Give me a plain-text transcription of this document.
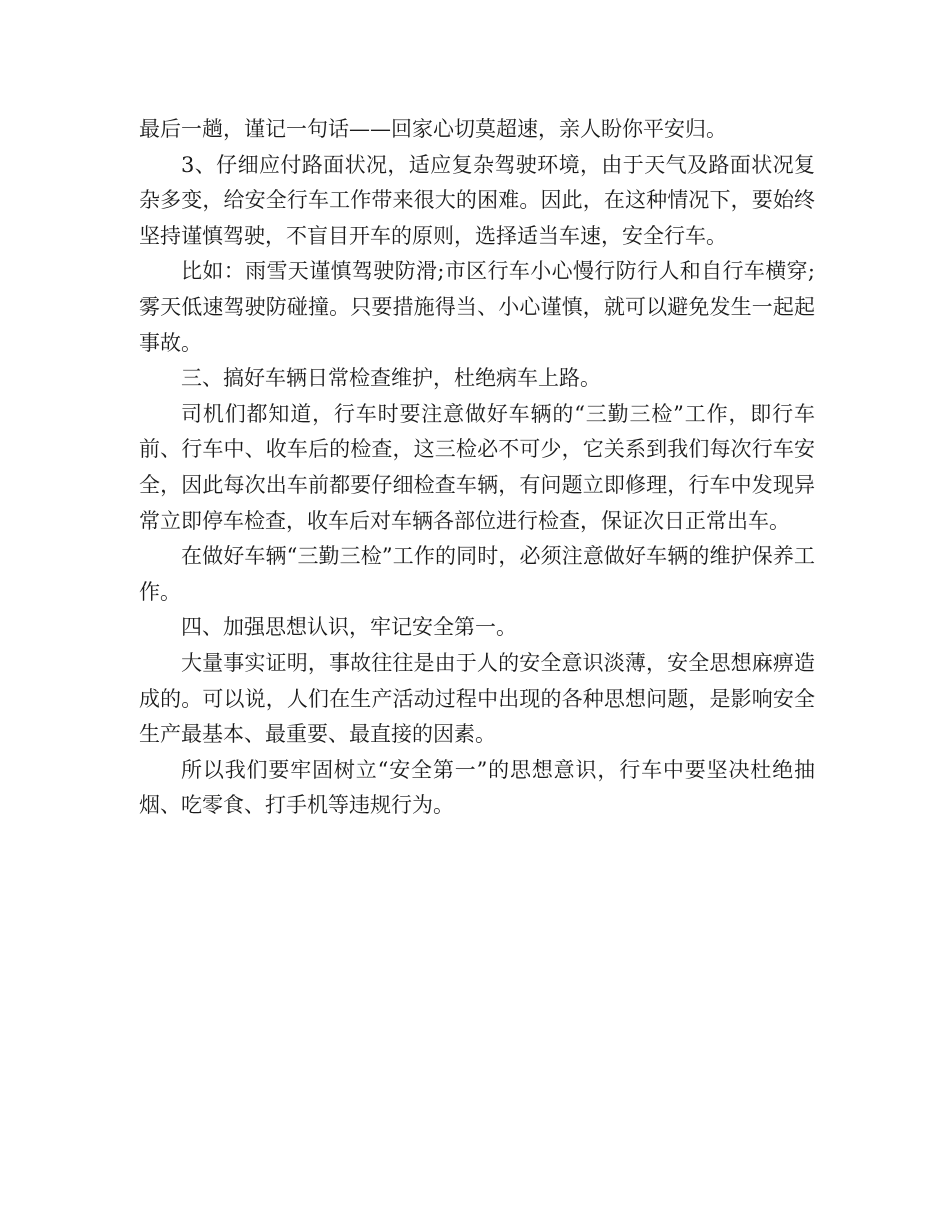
最后一趟，谨记一句话——回家心切莫超速，亲人盼你平安归。

3、仔细应付路面状况，适应复杂驾驶环境，由于天气及路面状况复杂多变，给安全行车工作带来很大的困难。因此，在这种情况下，要始终坚持谨慎驾驶，不盲目开车的原则，选择适当车速，安全行车。

比如：雨雪天谨慎驾驶防滑;市区行车小心慢行防行人和自行车横穿;雾天低速驾驶防碰撞。只要措施得当、小心谨慎，就可以避免发生一起起事故。

三、搞好车辆日常检查维护，杜绝病车上路。

司机们都知道，行车时要注意做好车辆的“三勤三检”工作，即行车前、行车中、收车后的检查，这三检必不可少，它关系到我们每次行车安全，因此每次出车前都要仔细检查车辆，有问题立即修理，行车中发现异常立即停车检查，收车后对车辆各部位进行检查，保证次日正常出车。

在做好车辆“三勤三检”工作的同时，必须注意做好车辆的维护保养工作。

四、加强思想认识，牢记安全第一。

大量事实证明，事故往往是由于人的安全意识淡薄，安全思想麻痹造成的。可以说，人们在生产活动过程中出现的各种思想问题，是影响安全生产最基本、最重要、最直接的因素。

所以我们要牢固树立“安全第一”的思想意识，行车中要坚决杜绝抽烟、吃零食、打手机等违规行为。
